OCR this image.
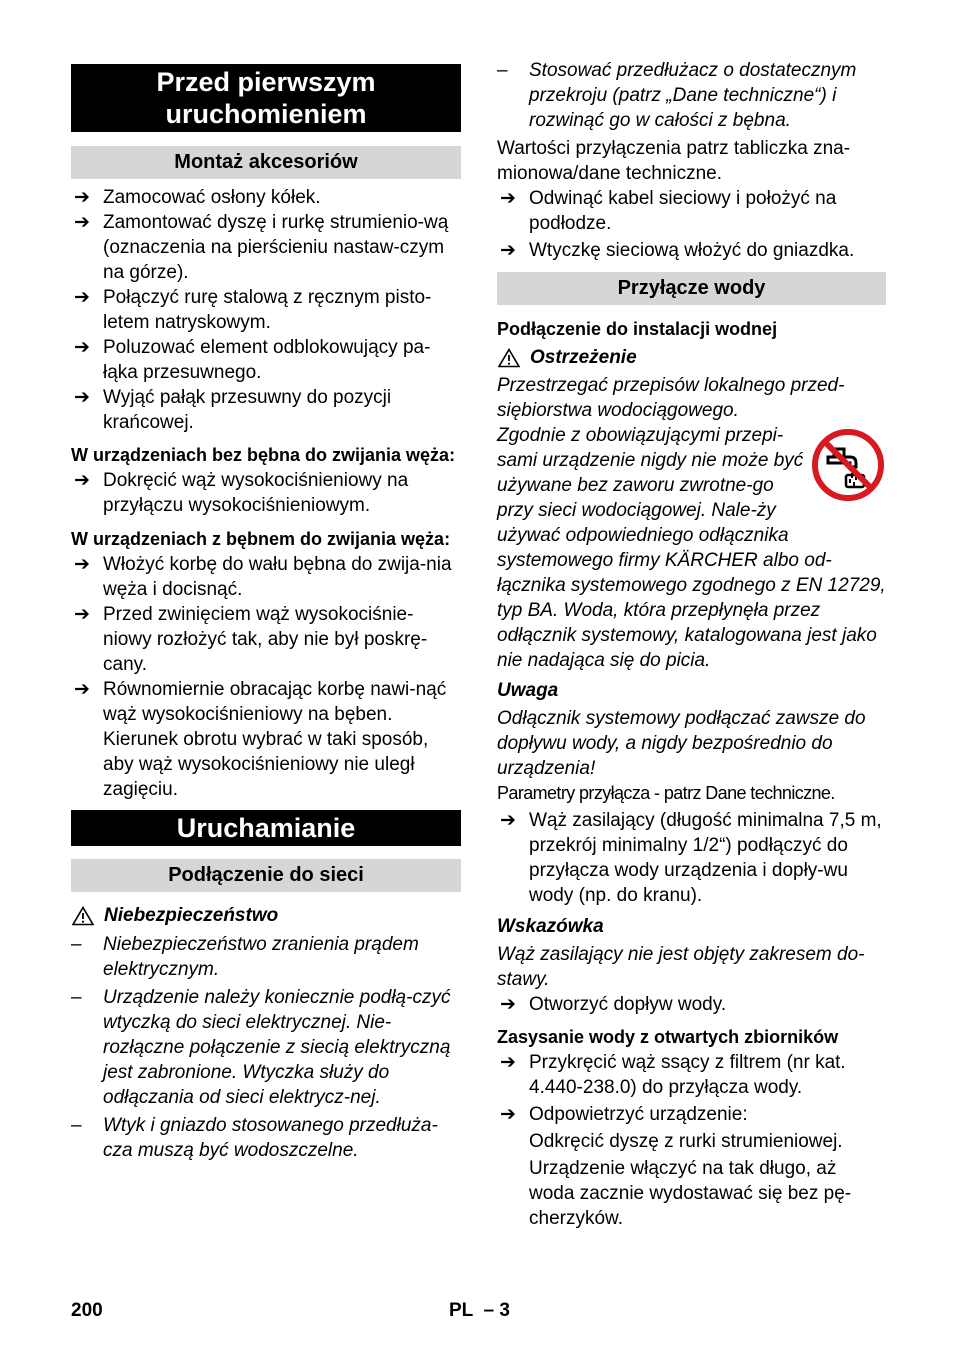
Przed pierwszym
uruchomieniem
Montaż akcesoriów

➔ Zamocować osłony kółek.

➔ Zamontować dyszę i rurkę strumienio-wą (oznaczenia na pierścieniu nastaw-czym na górze).

➔ Połączyć rurę stalową z ręcznym pisto-letem natryskowym.

➔ Poluzować element odblokowujący pa-łąka przesuwnego.

➔ Wyjąć pałąk przesuwny do pozycji krańcowej.

W urządzeniach bez bębna do zwijania węża:

➔ Dokręcić wąż wysokociśnieniowy na przyłączu wysokociśnieniowym.

W urządzeniach z bębnem do zwijania węża:

➔ Włożyć korbę do wału bębna do zwija-nia węża i docisnąć.

➔ Przed zwinięciem wąż wysokociśnie-niowy rozłożyć tak, aby nie był poskrę-cany.

➔ Równomiernie obracając korbę nawi-nąć wąż wysokociśnieniowy na bęben. Kierunek obrotu wybrać w taki sposób, aby wąż wysokociśnieniowy nie uległ zagięciu.

Uruchamianie
Podłączenie do sieci
Niebezpieczeństwo

– Niebezpieczeństwo zranienia prądem elektrycznym.

– Urządzenie należy koniecznie podłą-czyć wtyczką do sieci elektrycznej. Nie-rozłączne połączenie z siecią elektryczną jest zabronione. Wtyczka służy do odłączania od sieci elektrycz-nej.

– Wtyk i gniazdo stosowanego przedłuża-cza muszą być wodoszczelne.

– Stosować przedłużacz o dostatecznym przekroju (patrz „Dane techniczne“) i rozwinąć go w całości z bębna.

Wartości przyłączenia patrz tabliczka zna-mionowa/dane techniczne.

➔ Odwinąć kabel sieciowy i położyć na podłodze.

➔ Wtyczkę sieciową włożyć do gniazdka.

Przyłącze wody

Podłączenie do instalacji wodnej

Ostrzeżenie

Przestrzegać przepisów lokalnego przed-siębiorstwa wodociągowego.

Zgodnie z obowiązującymi przepi-sami urządzenie nigdy nie może być używane bez zaworu zwrotne-go przy sieci wodociągowej. Nale-ży używać odpowiedniego odłącznika systemowego firmy KÄRCHER albo od-łącznika systemowego zgodnego z EN 12729, typ BA. Woda, która przepłynęła przez odłącznik systemowy, katalogowana jest jako nie nadająca się do picia.

Uwaga

Odłącznik systemowy podłączać zawsze do dopływu wody, a nigdy bezpośrednio do urządzenia!

Parametry przyłącza - patrz Dane techniczne.

➔ Wąż zasilający (długość minimalna 7,5 m, przekrój minimalny 1/2“) podłączyć do przyłącza wody urządzenia i dopły-wu wody (np. do kranu).

Wskazówka

Wąż zasilający nie jest objęty zakresem do-stawy.

➔ Otworzyć dopływ wody.

Zasysanie wody z otwartych zbiorników

➔ Przykręcić wąż ssący z filtrem (nr kat. 4.440-238.0) do przyłącza wody.

➔ Odpowietrzyć urządzenie:

Odkręcić dyszę z rurki strumieniowej.

Urządzenie włączyć na tak długo, aż woda zacznie wydostawać się bez pę-cherzyków.

200	PL  – 3
